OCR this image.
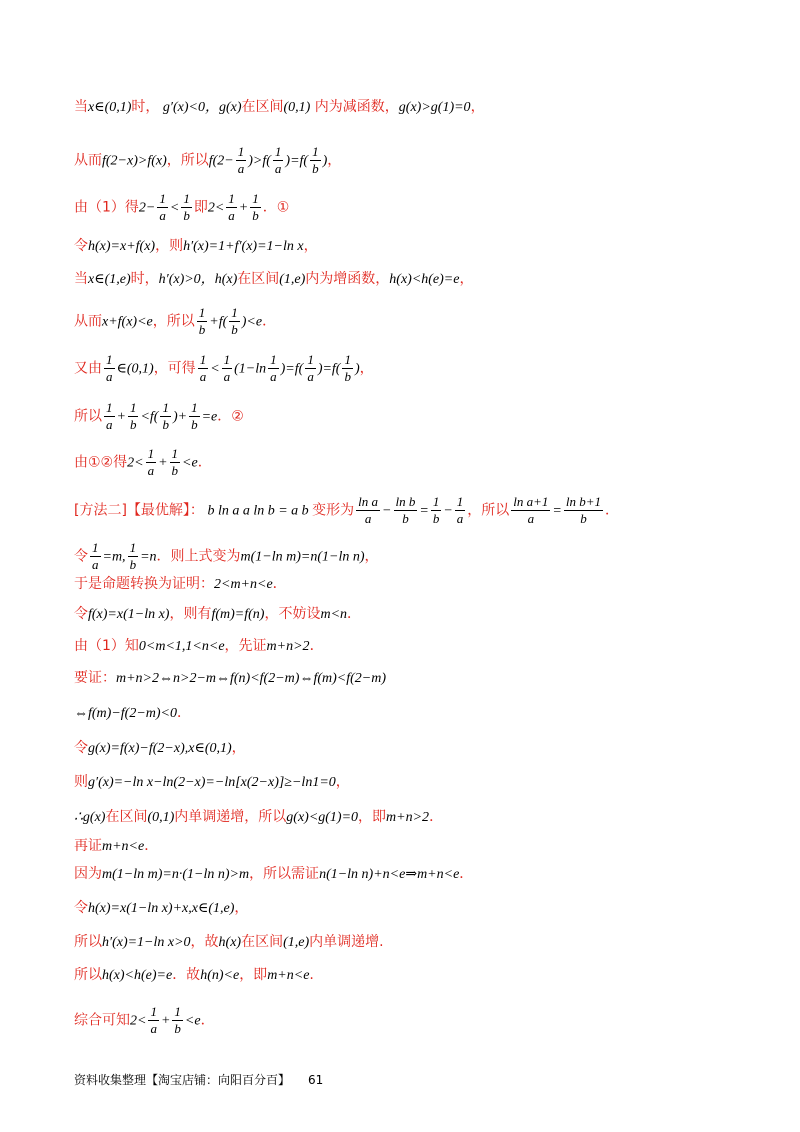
当x∈(0,1)时， g′(x)<0，g(x)在区间(0,1) 内为减函数，g(x)>g(1)=0，
从而f(2−x)>f(x)，所以$f(2- \frac{1}{a} )>f( \frac{1}{a} )=f( \frac{1}{b}$ )，
由（1）得$2- \frac{1}{a} < \frac{1}{b}$ 即$2< \frac{1}{a} + \frac{1}{b}$ ．①
令h(x)=x+f(x)，则h′(x)=1+f′(x)=1−ln x，
当x∈(1,e)时，h′(x)>0，h(x)在区间(1,e)内为增函数，h(x)<h(e)=e，
从而x+f(x)<e，所以 $\frac{1}{b} +f( \frac{1}{b} )<e$．
又由 $\frac{1}{a}$ ∈(0,1)，可得 $\frac{1}{a} < \frac{1}{a} (1-\ln \frac{1}{a} )=f( \frac{1}{a} )=f( \frac{1}{b}$ )，
所以 $\frac{1}{a} + \frac{1}{b} <f( \frac{1}{b}$ )+ $\frac{1}{b} =e$．②
由①②得$2< \frac{1}{a} + \frac{1}{b} <e$．
[方法二]【最优解】： b ln a a ln b = a b 变形为 $\frac{\text{ln a}}{a} - \frac{\text{ln b}}{b} = \frac{1}{b} - \frac{1}{a}$ ，所以 $\frac{\text{ln a+1}}{a} = \frac{\text{ln b+1}}{b}$ ．
令 $\frac{1}{a} =m$, $\frac{1}{b} =n$．则上式变为m(1−ln m)=n(1−ln n)，
于是命题转换为证明：2<m+n<e．
令f(x)=x(1−ln x)，则有f(m)=f(n)，不妨设m<n．
由（1）知0<m<1,1<n<e，先证m+n>2．
要证：m+n>2⇔n>2−m⇔f(n)<f(2−m)⇔f(m)<f(2−m)
⇔f(m)−f(2−m)<0．
令g(x)=f(x)−f(2−x),x∈(0,1)，
则g′(x)=−ln x−ln(2−x)=−ln[x(2−x)]≥−ln1=0，
∴g(x)在区间(0,1)内单调递增，所以g(x)<g(1)=0，即m+n>2．
再证m+n<e．
因为m(1−ln m)=n·(1−ln n)>m，所以需证n(1−ln n)+n<e⇒m+n<e．
令h(x)=x(1−ln x)+x,x∈(1,e)，
所以h′(x)=1−ln x>0，故h(x)在区间(1,e)内单调递增.
所以h(x)<h(e)=e．故h(n)<e，即m+n<e.
综合可知$2< \frac{1}{a} + \frac{1}{b} <e$．
资料收集整理【淘宝店铺：向阳百分百】 61
